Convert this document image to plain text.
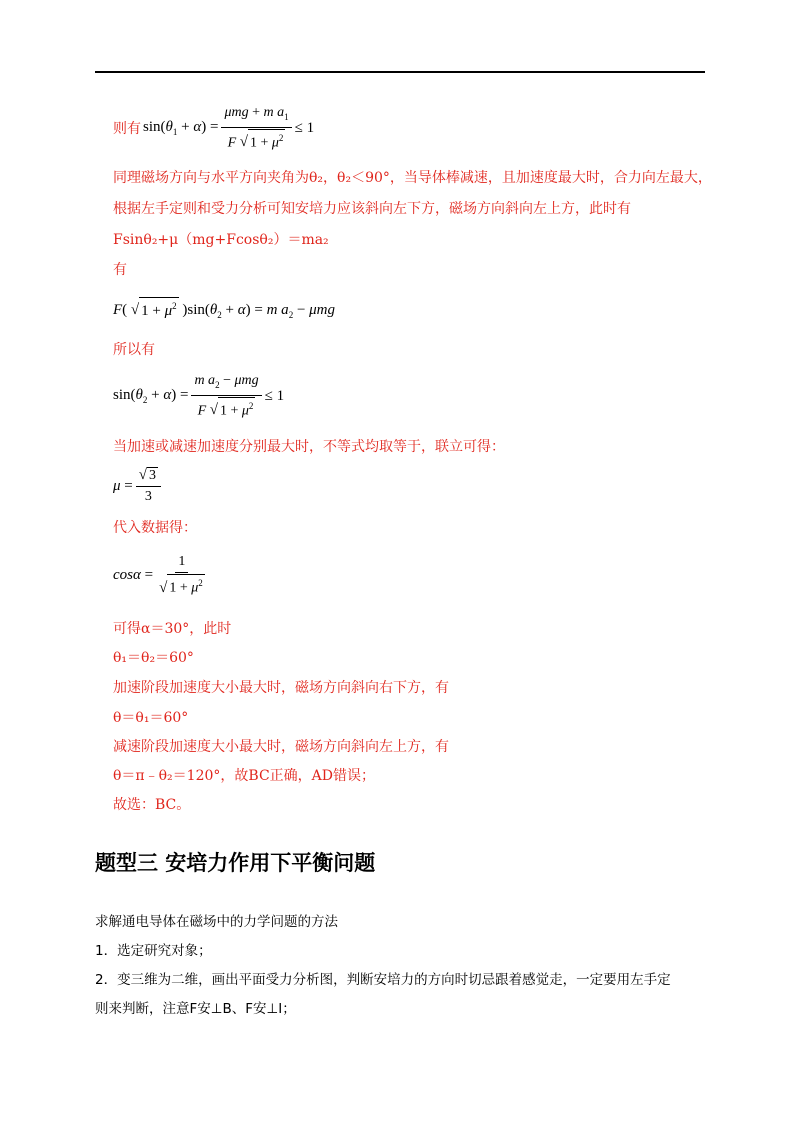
则有 $\sin(\theta_1 + \alpha) = \frac{\mu mg + m a_1}{F √ 1 + \mu^2} \le 1$
同理磁场方向与水平方向夹角为θ₂，θ₂＜90°，当导体棒减速，且加速度最大时，合力向左最大，
根据左手定则和受力分析可知安培力应该斜向左下方，磁场方向斜向左上方，此时有
Fsinθ₂+μ（mg+Fcosθ₂）＝ma₂
有
F( √ $1 + \mu^2$ )$\sin(\theta_2 + \alpha) = m$ $a_2 - \mu mg$
所以有
$\sin(\theta_2 + \alpha) = \frac{m a_2 - \mu mg}{F √ 1 + \mu^2} \le 1$
当加速或减速加速度分别最大时，不等式均取等于，联立可得：
$\mu = \frac{√ 3}{3}$
代入数据得：
$\cos\alpha = \frac{1}{√ 1 + \mu^2}$
可得α＝30°，此时
θ₁＝θ₂＝60°
加速阶段加速度大小最大时，磁场方向斜向右下方，有
θ＝θ₁＝60°
减速阶段加速度大小最大时，磁场方向斜向左上方，有
θ＝π﹣θ₂＝120°，故BC正确，AD错误；
故选：BC。
题型三 安培力作用下平衡问题
求解通电导体在磁场中的力学问题的方法
1．选定研究对象；
2．变三维为二维，画出平面受力分析图，判断安培力的方向时切忌跟着感觉走，一定要用左手定
则来判断，注意F安⊥B、F安⊥I；
